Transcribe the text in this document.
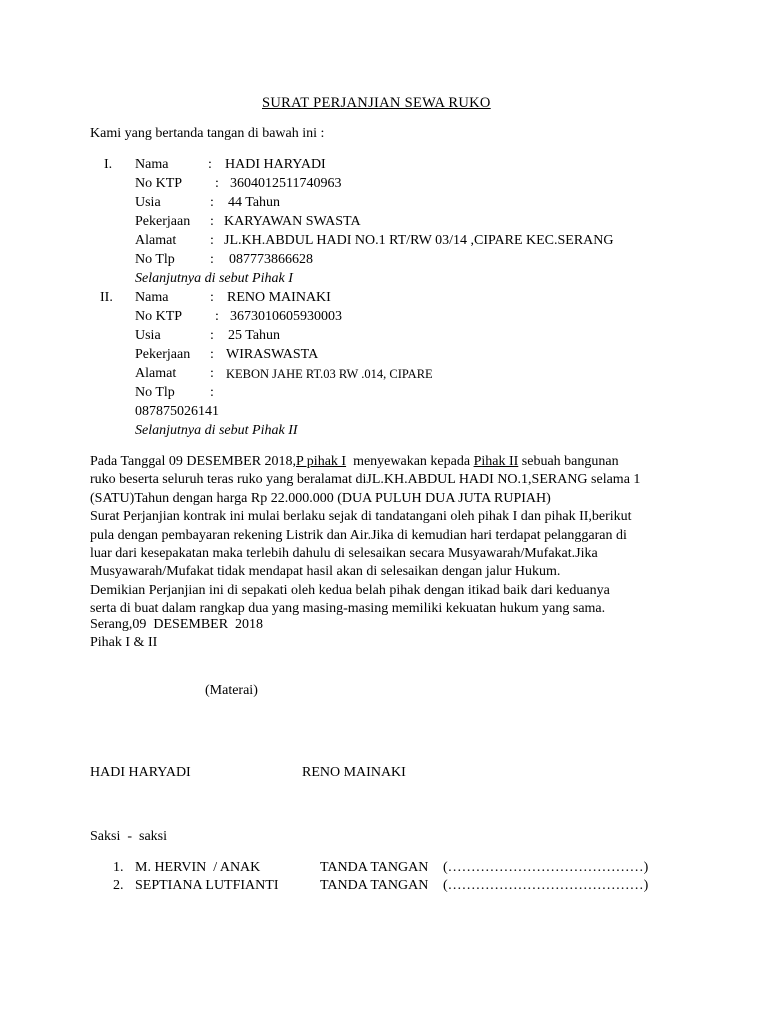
SURAT PERJANJIAN SEWA RUKO
Kami yang bertanda tangan di bawah ini :
I. Nama	: HADI HARYADI
No KTP : 3604012511740963
Usia	: 44 Tahun
Pekerjaan : KARYAWAN SWASTA
Alamat : JL.KH.ABDUL HADI NO.1 RT/RW 03/14 ,CIPARE KEC.SERANG
No Tlp	: 087773866628
Selanjutnya di sebut Pihak I
II. Nama	: RENO MAINAKI
No KTP : 3673010605930003
Usia	: 25 Tahun
Pekerjaan : WIRASWASTA
Alamat : KEBON JAHE RT.03 RW .014, CIPARE
No Tlp	:
087875026141
Selanjutnya di sebut Pihak II
Pada Tanggal 09 DESEMBER 2018,P pihak I  menyewakan kepada Pihak II sebuah bangunan
ruko beserta seluruh teras ruko yang beralamat diJL.KH.ABDUL HADI NO.1,SERANG selama 1
(SATU)Tahun dengan harga Rp 22.000.000 (DUA PULUH DUA JUTA RUPIAH)
Surat Perjanjian kontrak ini mulai berlaku sejak di tandatangani oleh pihak I dan pihak II,berikut
pula dengan pembayaran rekening Listrik dan Air.Jika di kemudian hari terdapat pelanggaran di
luar dari kesepakatan maka terlebih dahulu di selesaikan secara Musyawarah/Mufakat.Jika
Musyawarah/Mufakat tidak mendapat hasil akan di selesaikan dengan jalur Hukum.
Demikian Perjanjian ini di sepakati oleh kedua belah pihak dengan itikad baik dari keduanya
serta di buat dalam rangkap dua yang masing-masing memiliki kekuatan hukum yang sama.
Serang,09  DESEMBER  2018
Pihak I & II
(Materai)
HADI HARYADI	RENO MAINAKI
Saksi  -  saksi
1. M. HERVIN  / ANAK	TANDA TANGAN (……………………………………)
2. SEPTIANA LUTFIANTI	TANDA TANGAN (……………………………………)
